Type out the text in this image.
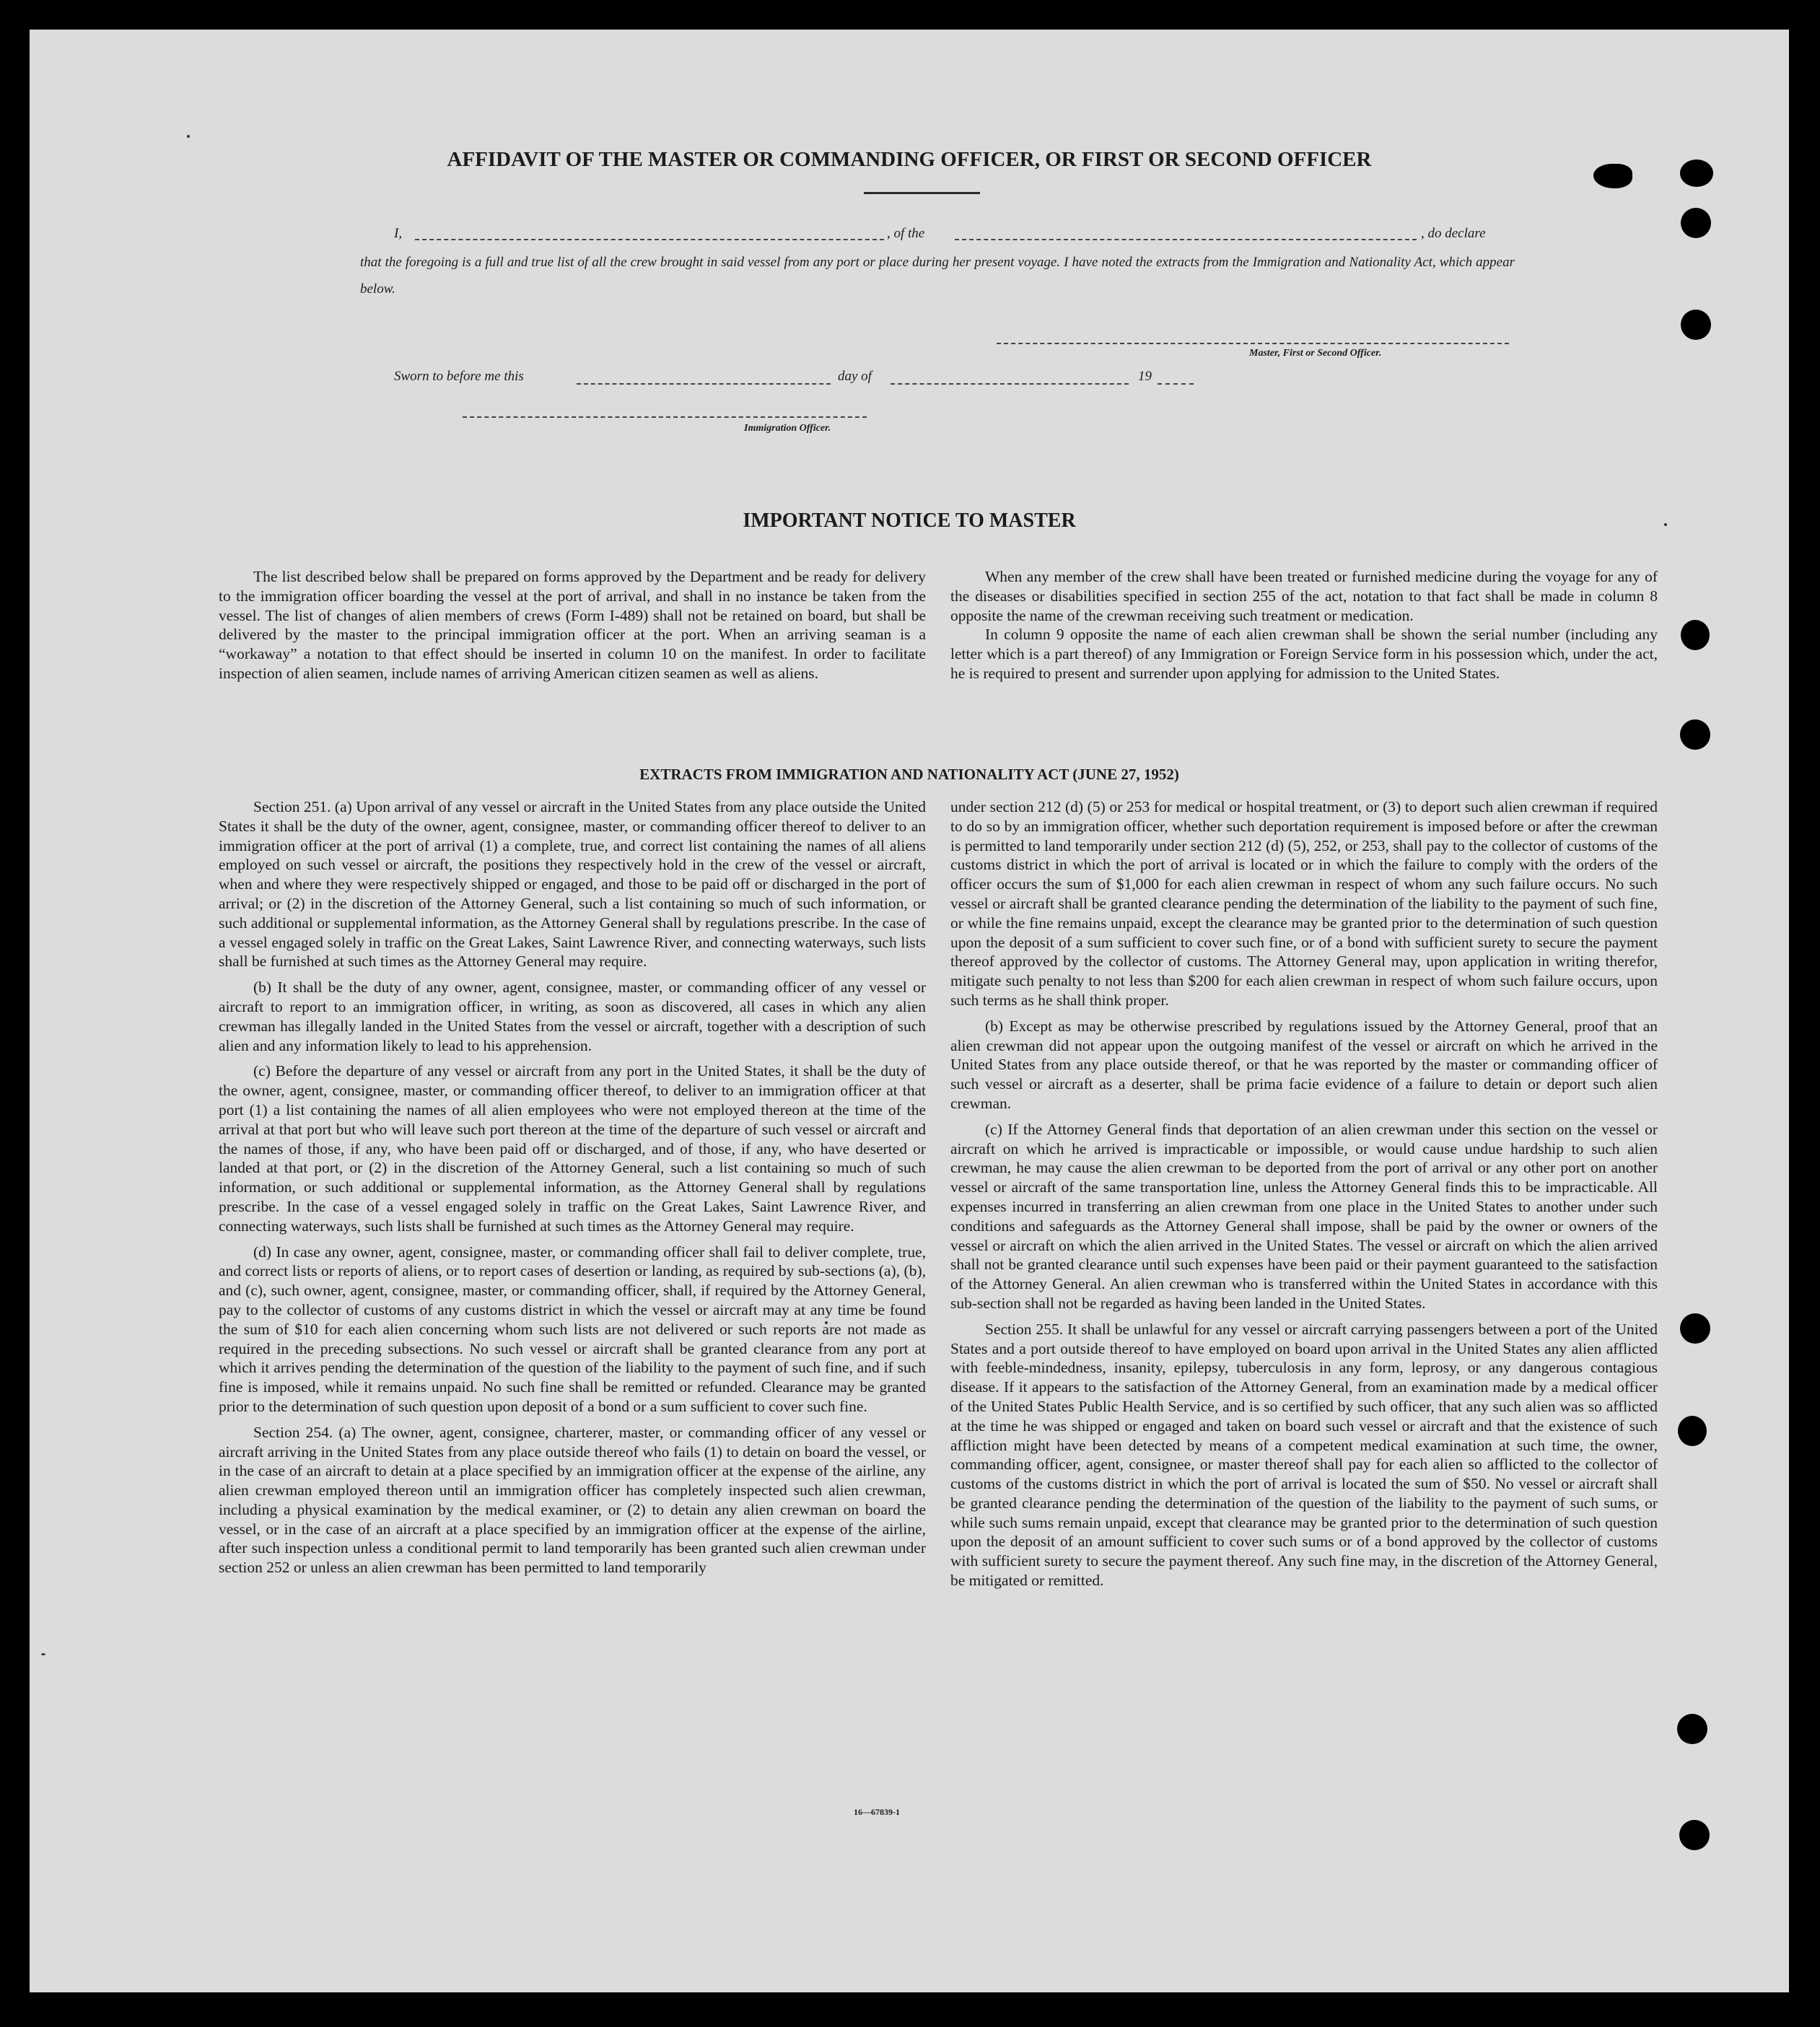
AFFIDAVIT OF THE MASTER OR COMMANDING OFFICER, OR FIRST OR SECOND OFFICER
I,	, of the	, do declare

that the foregoing is a full and true list of all the crew brought in said vessel from any port or place during her present voyage. I have noted the extracts from the Immigration and Nationality Act, which appear below.

Master, First or Second Officer.
Sworn to before me this	day of	19
Immigration Officer.
IMPORTANT NOTICE TO MASTER

The list described below shall be prepared on forms approved by the Department and be ready for delivery to the immigration officer boarding the vessel at the port of arrival, and shall in no instance be taken from the vessel. The list of changes of alien members of crews (Form I-489) shall not be retained on board, but shall be delivered by the master to the principal immigration officer at the port. When an arriving seaman is a “workaway” a notation to that effect should be inserted in column 10 on the manifest. In order to facilitate inspection of alien seamen, include names of arriving American citizen seamen as well as aliens.

When any member of the crew shall have been treated or furnished medicine during the voyage for any of the diseases or disabilities specified in section 255 of the act, notation to that fact shall be made in column 8 opposite the name of the crewman receiving such treatment or medication.

In column 9 opposite the name of each alien crewman shall be shown the serial number (including any letter which is a part thereof) of any Immigration or Foreign Service form in his possession which, under the act, he is required to present and surrender upon applying for admission to the United States.

EXTRACTS FROM IMMIGRATION AND NATIONALITY ACT (JUNE 27, 1952)

Section 251. (a) Upon arrival of any vessel or aircraft in the United States from any place outside the United States it shall be the duty of the owner, agent, consignee, master, or commanding officer thereof to deliver to an immigration officer at the port of arrival (1) a complete, true, and correct list containing the names of all aliens employed on such vessel or aircraft, the positions they respectively hold in the crew of the vessel or aircraft, when and where they were respectively shipped or engaged, and those to be paid off or discharged in the port of arrival; or (2) in the discretion of the Attorney General, such a list containing so much of such information, or such additional or supplemental information, as the Attorney General shall by regulations prescribe. In the case of a vessel engaged solely in traffic on the Great Lakes, Saint Lawrence River, and connecting waterways, such lists shall be furnished at such times as the Attorney General may require.

(b) It shall be the duty of any owner, agent, consignee, master, or commanding officer of any vessel or aircraft to report to an immigration officer, in writing, as soon as discovered, all cases in which any alien crewman has illegally landed in the United States from the vessel or aircraft, together with a description of such alien and any information likely to lead to his apprehension.

(c) Before the departure of any vessel or aircraft from any port in the United States, it shall be the duty of the owner, agent, consignee, master, or commanding officer thereof, to deliver to an immigration officer at that port (1) a list containing the names of all alien employees who were not employed thereon at the time of the arrival at that port but who will leave such port thereon at the time of the departure of such vessel or aircraft and the names of those, if any, who have been paid off or discharged, and of those, if any, who have deserted or landed at that port, or (2) in the discretion of the Attorney General, such a list containing so much of such information, or such additional or supplemental information, as the Attorney General shall by regulations prescribe. In the case of a vessel engaged solely in traffic on the Great Lakes, Saint Lawrence River, and connecting waterways, such lists shall be furnished at such times as the Attorney General may require.

(d) In case any owner, agent, consignee, master, or commanding officer shall fail to deliver complete, true, and correct lists or reports of aliens, or to report cases of desertion or landing, as required by sub-sections (a), (b), and (c), such owner, agent, consignee, master, or commanding officer, shall, if required by the Attorney General, pay to the collector of customs of any customs district in which the vessel or aircraft may at any time be found the sum of $10 for each alien concerning whom such lists are not delivered or such reports are not made as required in the preceding subsections. No such vessel or aircraft shall be granted clearance from any port at which it arrives pending the determination of the question of the liability to the payment of such fine, and if such fine is imposed, while it remains unpaid. No such fine shall be remitted or refunded. Clearance may be granted prior to the determination of such question upon deposit of a bond or a sum sufficient to cover such fine.

Section 254. (a) The owner, agent, consignee, charterer, master, or commanding officer of any vessel or aircraft arriving in the United States from any place outside thereof who fails (1) to detain on board the vessel, or in the case of an aircraft to detain at a place specified by an immigration officer at the expense of the airline, any alien crewman employed thereon until an immigration officer has completely inspected such alien crewman, including a physical examination by the medical examiner, or (2) to detain any alien crewman on board the vessel, or in the case of an aircraft at a place specified by an immigration officer at the expense of the airline, after such inspection unless a conditional permit to land temporarily has been granted such alien crewman under section 252 or unless an alien crewman has been permitted to land temporarily

under section 212 (d) (5) or 253 for medical or hospital treatment, or (3) to deport such alien crewman if required to do so by an immigration officer, whether such deportation requirement is imposed before or after the crewman is permitted to land temporarily under section 212 (d) (5), 252, or 253, shall pay to the collector of customs of the customs district in which the port of arrival is located or in which the failure to comply with the orders of the officer occurs the sum of $1,000 for each alien crewman in respect of whom any such failure occurs. No such vessel or aircraft shall be granted clearance pending the determination of the liability to the payment of such fine, or while the fine remains unpaid, except the clearance may be granted prior to the determination of such question upon the deposit of a sum sufficient to cover such fine, or of a bond with sufficient surety to secure the payment thereof approved by the collector of customs. The Attorney General may, upon application in writing therefor, mitigate such penalty to not less than $200 for each alien crewman in respect of whom such failure occurs, upon such terms as he shall think proper.

(b) Except as may be otherwise prescribed by regulations issued by the Attorney General, proof that an alien crewman did not appear upon the outgoing manifest of the vessel or aircraft on which he arrived in the United States from any place outside thereof, or that he was reported by the master or commanding officer of such vessel or aircraft as a deserter, shall be prima facie evidence of a failure to detain or deport such alien crewman.

(c) If the Attorney General finds that deportation of an alien crewman under this section on the vessel or aircraft on which he arrived is impracticable or impossible, or would cause undue hardship to such alien crewman, he may cause the alien crewman to be deported from the port of arrival or any other port on another vessel or aircraft of the same transportation line, unless the Attorney General finds this to be impracticable. All expenses incurred in transferring an alien crewman from one place in the United States to another under such conditions and safeguards as the Attorney General shall impose, shall be paid by the owner or owners of the vessel or aircraft on which the alien arrived in the United States. The vessel or aircraft on which the alien arrived shall not be granted clearance until such expenses have been paid or their payment guaranteed to the satisfaction of the Attorney General. An alien crewman who is transferred within the United States in accordance with this sub-section shall not be regarded as having been landed in the United States.

Section 255. It shall be unlawful for any vessel or aircraft carrying passengers between a port of the United States and a port outside thereof to have employed on board upon arrival in the United States any alien afflicted with feeble-mindedness, insanity, epilepsy, tuberculosis in any form, leprosy, or any dangerous contagious disease. If it appears to the satisfaction of the Attorney General, from an examination made by a medical officer of the United States Public Health Service, and is so certified by such officer, that any such alien was so afflicted at the time he was shipped or engaged and taken on board such vessel or aircraft and that the existence of such affliction might have been detected by means of a competent medical examination at such time, the owner, commanding officer, agent, consignee, or master thereof shall pay for each alien so afflicted to the collector of customs of the customs district in which the port of arrival is located the sum of $50. No vessel or aircraft shall be granted clearance pending the determination of the question of the liability to the payment of such sums, or while such sums remain unpaid, except that clearance may be granted prior to the determination of such question upon the deposit of an amount sufficient to cover such sums or of a bond approved by the collector of customs with sufficient surety to secure the payment thereof. Any such fine may, in the discretion of the Attorney General, be mitigated or remitted.

16—67839-1
